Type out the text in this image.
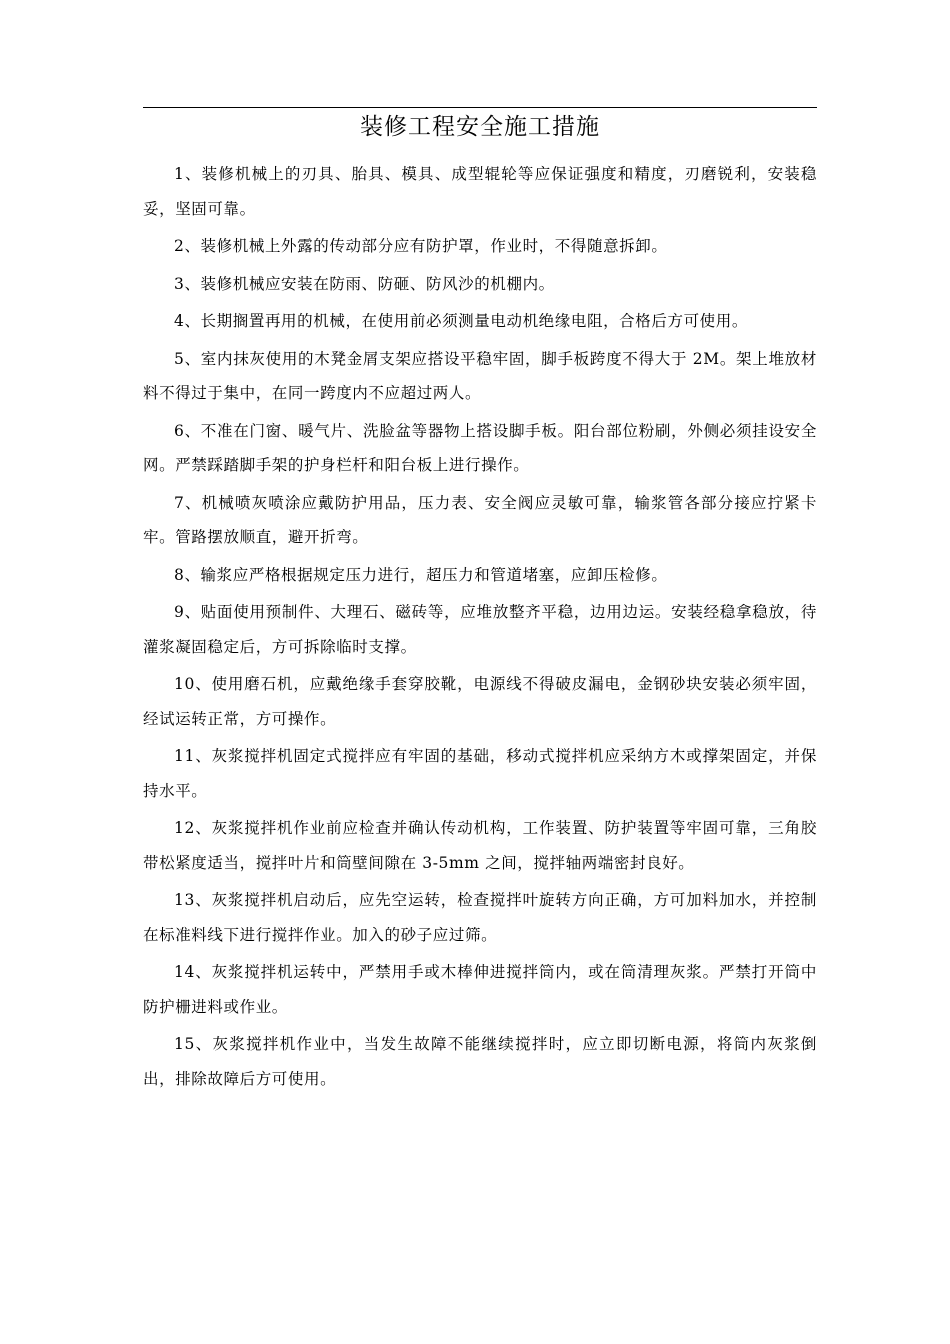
装修工程安全施工措施

1、装修机械上的刃具、胎具、模具、成型辊轮等应保证强度和精度，刃磨锐利，安装稳妥，坚固可靠。

2、装修机械上外露的传动部分应有防护罩，作业时，不得随意拆卸。

3、装修机械应安装在防雨、防砸、防风沙的机棚内。

4、长期搁置再用的机械，在使用前必须测量电动机绝缘电阻，合格后方可使用。

5、室内抹灰使用的木凳金屑支架应搭设平稳牢固，脚手板跨度不得大于 2M。架上堆放材料不得过于集中，在同一跨度内不应超过两人。

6、不准在门窗、暖气片、洗脸盆等器物上搭设脚手板。阳台部位粉刷，外侧必须挂设安全网。严禁踩踏脚手架的护身栏杆和阳台板上进行操作。

7、机械喷灰喷涂应戴防护用品，压力表、安全阀应灵敏可靠，输浆管各部分接应拧紧卡牢。管路摆放顺直，避开折弯。

8、输浆应严格根据规定压力进行，超压力和管道堵塞，应卸压检修。

9、贴面使用预制件、大理石、磁砖等，应堆放整齐平稳，边用边运。安装经稳拿稳放，待灌浆凝固稳定后，方可拆除临时支撑。

10、使用磨石机，应戴绝缘手套穿胶靴，电源线不得破皮漏电，金钢砂块安装必须牢固，经试运转正常，方可操作。

11、灰浆搅拌机固定式搅拌应有牢固的基础，移动式搅拌机应采纳方木或撑架固定，并保持水平。

12、灰浆搅拌机作业前应检查并确认传动机构，工作装置、防护装置等牢固可靠，三角胶带松紧度适当，搅拌叶片和筒壁间隙在 3-5mm 之间，搅拌轴两端密封良好。

13、灰浆搅拌机启动后，应先空运转，检查搅拌叶旋转方向正确，方可加料加水，并控制在标准料线下进行搅拌作业。加入的砂子应过筛。

14、灰浆搅拌机运转中，严禁用手或木棒伸进搅拌筒内，或在筒清理灰浆。严禁打开筒中防护栅进料或作业。

15、灰浆搅拌机作业中，当发生故障不能继续搅拌时，应立即切断电源，将筒内灰浆倒出，排除故障后方可使用。
